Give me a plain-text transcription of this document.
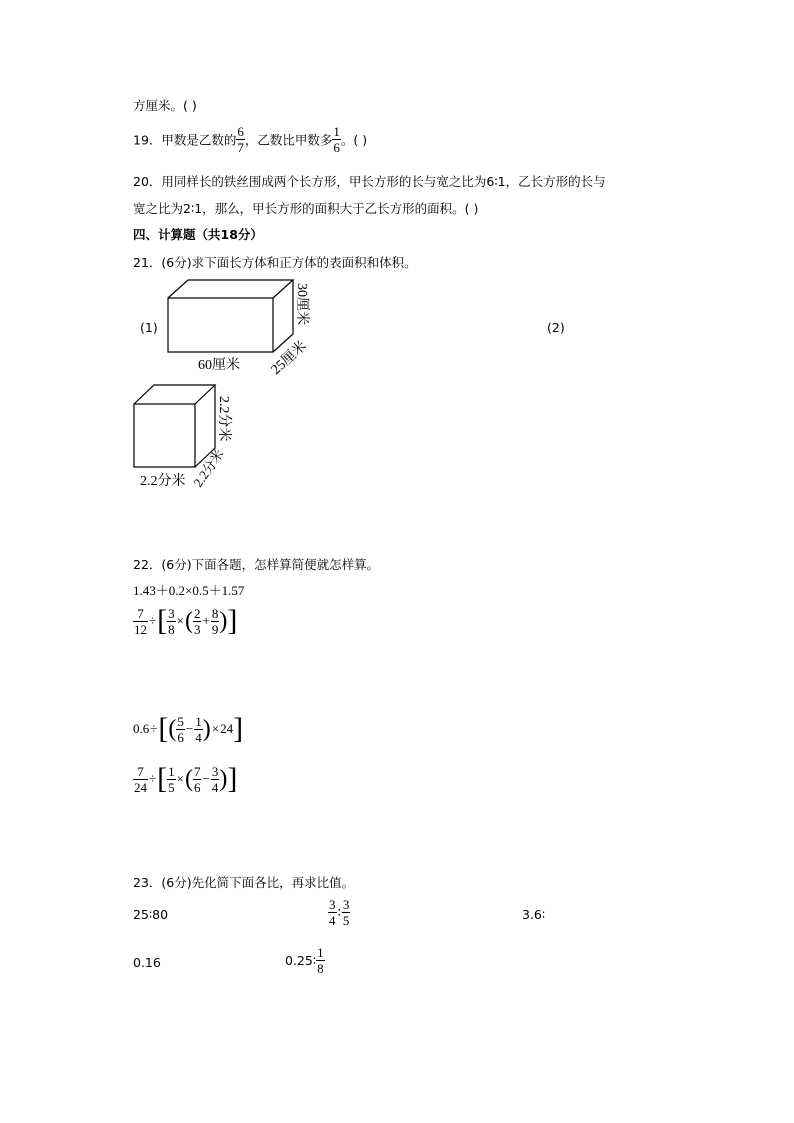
方厘米。( )
19．甲数是乙数的 $\frac{6}{7}$ ，乙数比甲数多 $\frac{1}{6}$ 。( )
20．用同样长的铁丝围成两个长方形，甲长方形的长与宽之比为6∶1，乙长方形的长与
宽之比为2∶1，那么，甲长方形的面积大于乙长方形的面积。( )
四、计算题（共18分）
21．(6分)求下面长方体和正方体的表面积和体积。
(1)	(2)
60厘米 25厘米
30厘米
2.2分米 2.2分米
2.2分米
22．(6分)下面各题，怎样算简便就怎样算。
1.43＋0.2×0.5＋1.57
$\frac{7}{12}$ ÷[ $\frac{3}{8}$ ×( $\frac{2}{3} + \frac{8}{9}$ )]
$0.6\div[( \frac{5}{6} - \frac{1}{4} )\times 24]$
$\frac{7}{24}$ ÷[ $\frac{1}{5}$ ×( $\frac{7}{6} - \frac{3}{4}$ )]
23．(6分)先化简下面各比，再求比值。
25∶80	$\frac{3}{4}$ ∶ $\frac{3}{5}$	3.6∶
0.16	0.25∶ $\frac{1}{8}$
